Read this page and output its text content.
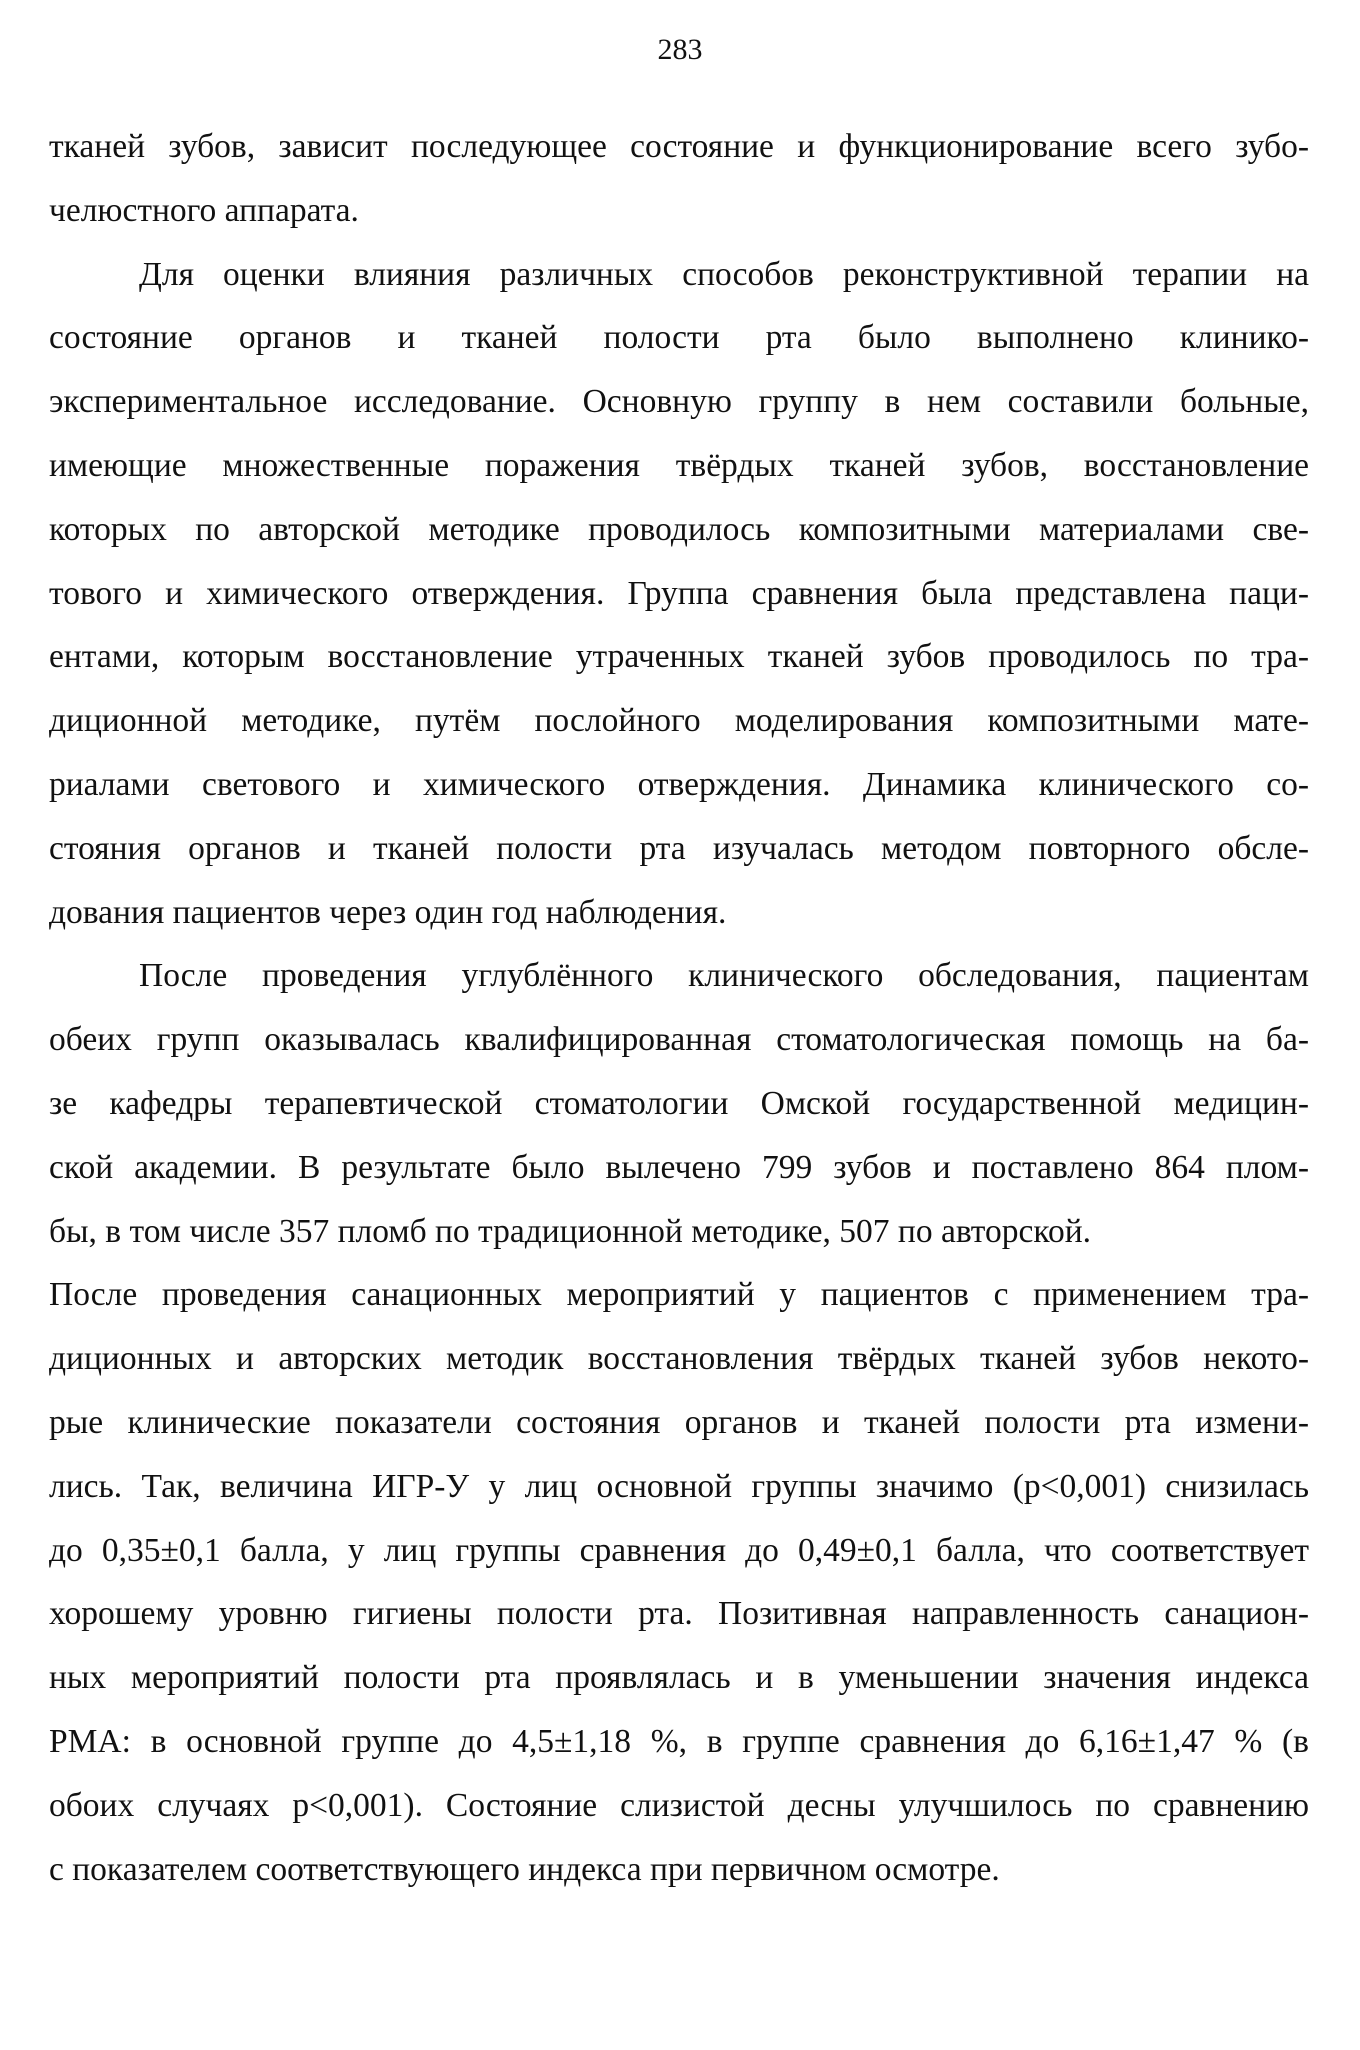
283
тканей зубов, зависит последующее состояние и функционирование всего зубо-
челюстного аппарата.
Для оценки влияния различных способов реконструктивной терапии на
состояние органов и тканей полости рта было выполнено клинико-
экспериментальное исследование. Основную группу в нем составили больные,
имеющие множественные поражения твёрдых тканей зубов, восстановление
которых по авторской методике проводилось композитными материалами све-
тового и химического отверждения. Группа сравнения была представлена паци-
ентами, которым восстановление утраченных тканей зубов проводилось по тра-
диционной методике, путём послойного моделирования композитными мате-
риалами светового и химического отверждения. Динамика клинического со-
стояния органов и тканей полости рта изучалась методом повторного обсле-
дования пациентов через один год наблюдения.
После проведения углублённого клинического обследования, пациентам
обеих групп оказывалась квалифицированная стоматологическая помощь на ба-
зе кафедры терапевтической стоматологии Омской государственной медицин-
ской академии. В результате было вылечено 799 зубов и поставлено 864 плом-
бы, в том числе 357 пломб по традиционной методике, 507 по авторской.
После проведения санационных мероприятий у пациентов с применением тра-
диционных и авторских методик восстановления твёрдых тканей зубов некото-
рые клинические показатели состояния органов и тканей полости рта измени-
лись. Так, величина ИГР-У у лиц основной группы значимо (р<0,001) снизилась
до 0,35±0,1 балла, у лиц группы сравнения до 0,49±0,1 балла, что соответствует
хорошему уровню гигиены полости рта. Позитивная направленность санацион-
ных мероприятий полости рта проявлялась и в уменьшении значения индекса
РМА: в основной группе до 4,5±1,18 %, в группе сравнения до 6,16±1,47 % (в
обоих случаях р<0,001). Состояние слизистой десны улучшилось по сравнению
с показателем соответствующего индекса при первичном осмотре.
